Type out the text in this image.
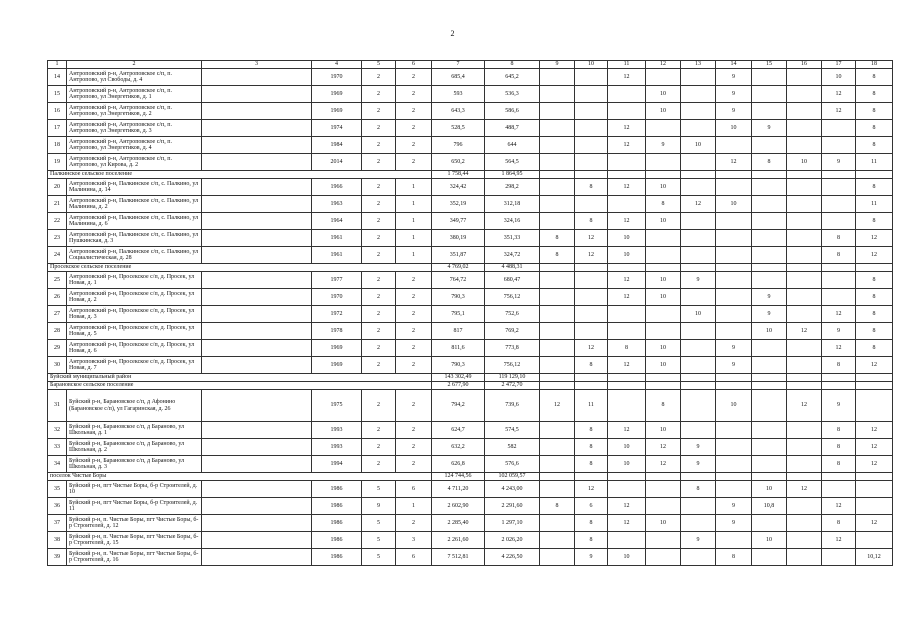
2
1	2	3	4	5	6	7	8	9	10	11	12	13	14	15	16	17	18
14	Антроповский р-н, Антроповское с/п, п. Антропово, ул Свободы, д. 4		1970	2	2	685,4	645,2			12			9			10	8
15	Антроповский р-н, Антроповское с/п, п. Антропово, ул Энергетиков, д. 1		1969	2	2	593	536,3				10		9			12	8
16	Антроповский р-н, Антроповское с/п, п. Антропово, ул Энергетиков, д. 2		1969	2	2	643,3	586,6				10		9			12	8
17	Антроповский р-н, Антроповское с/п, п. Антропово, ул Энергетиков, д. 3		1974	2	2	528,5	488,7			12			10	9			8
18	Антроповский р-н, Антроповское с/п, п. Антропово, ул Энергетиков, д. 4		1984	2	2	796	644			12	9	10					8
19	Антроповский р-н, Антроповское с/п, п. Антропово, ул Кирова, д. 2		2014	2	2	650,2	564,5						12	8	10	9	11
Палкинское сельское поселение						1 758,44	1 864,95										
20	Антроповский р-н, Палкинское с/п, с. Палкино, ул Малинина, д. 14		1966	2	1	324,42	298,2		8	12	10						8
21	Антроповский р-н, Палкинское с/п, с. Палкино, ул Малинина, д. 2		1963	2	1	352,19	312,18				8	12	10				11
22	Антроповский р-н, Палкинское с/п, с. Палкино, ул Малинина, д. 6		1964	2	1	349,77	324,16		8	12	10						8
23	Антроповский р-н, Палкинское с/п, с. Палкино, ул Пушкинская, д. 3		1961	2	1	380,19	351,33	8	12	10						8	12
24	Антроповский р-н, Палкинское с/п, с. Палкино, ул Социалистическая, д. 28		1961	2	1	351,87	324,72	8	12	10						8	12
Просекское сельское поселение						4 769,02	4 488,31										
25	Антроповский р-н, Просекское с/п, д. Просек, ул Новая, д. 1		1977	2	2	764,72	680,47			12	10	9					8
26	Антроповский р-н, Просекское с/п, д. Просек, ул Новая, д. 2		1970	2	2	790,3	756,12			12	10			9			8
27	Антроповский р-н, Просекское с/п, д. Просек, ул Новая, д. 3		1972	2	2	795,1	752,6					10		9		12	8
28	Антроповский р-н, Просекское с/п, д. Просек, ул Новая, д. 5		1978	2	2	817	769,2							10	12	9	8
29	Антроповский р-н, Просекское с/п, д. Просек, ул Новая, д. 6		1969	2	2	811,6	773,8		12	8	10		9			12	8
30	Антроповский р-н, Просекское с/п, д. Просек, ул Новая, д. 7		1969	2	2	790,3	756,12		8	12	10		9			8	12
Буйский муниципальный район						143 302,49	119 129,10										
Барановское сельское поселение						2 677,90	2 472,70										
31	Буйский р-н, Барановское с/п, д Афонино (Барановское с/п), ул Гагаринская, д. 26		1975	2	2	794,2	739,6	12	11		8		10		12	9	
32	Буйский р-н, Барановское с/п, д Бараново, ул Школьная, д. 1		1993	2	2	624,7	574,5		8	12	10					8	12
33	Буйский р-н, Барановское с/п, д Бараново, ул Школьная, д. 2		1993	2	2	632,2	582		8	10	12	9				8	12
34	Буйский р-н, Барановское с/п, д Бараново, ул Школьная, д. 3		1994	2	2	626,8	576,6		8	10	12	9				8	12
поселок Чистые Боры						124 744,56	102 059,57										
35	Буйский р-н, пгт Чистые Боры, б-р Строителей, д. 10		1986	5	6	4 711,20	4 243,00		12			8		10	12		
36	Буйский р-н, пгт Чистые Боры, б-р Строителей, д. 11		1986	9	1	2 602,90	2 291,60	8	6	12			9	10,8		12	
37	Буйский р-н, п. Чистые Боры, пгт Чистые Боры, б-р Строителей, д. 12		1986	5	2	2 285,40	1 297,10		8	12	10		9			8	12
38	Буйский р-н, п. Чистые Боры, пгт Чистые Боры, б-р Строителей, д. 15		1986	5	3	2 261,60	2 026,20		8			9		10		12	
39	Буйский р-н, п. Чистые Боры, пгт Чистые Боры, б-р Строителей, д. 16		1986	5	6	7 512,81	4 226,50		9	10			8				10,12
